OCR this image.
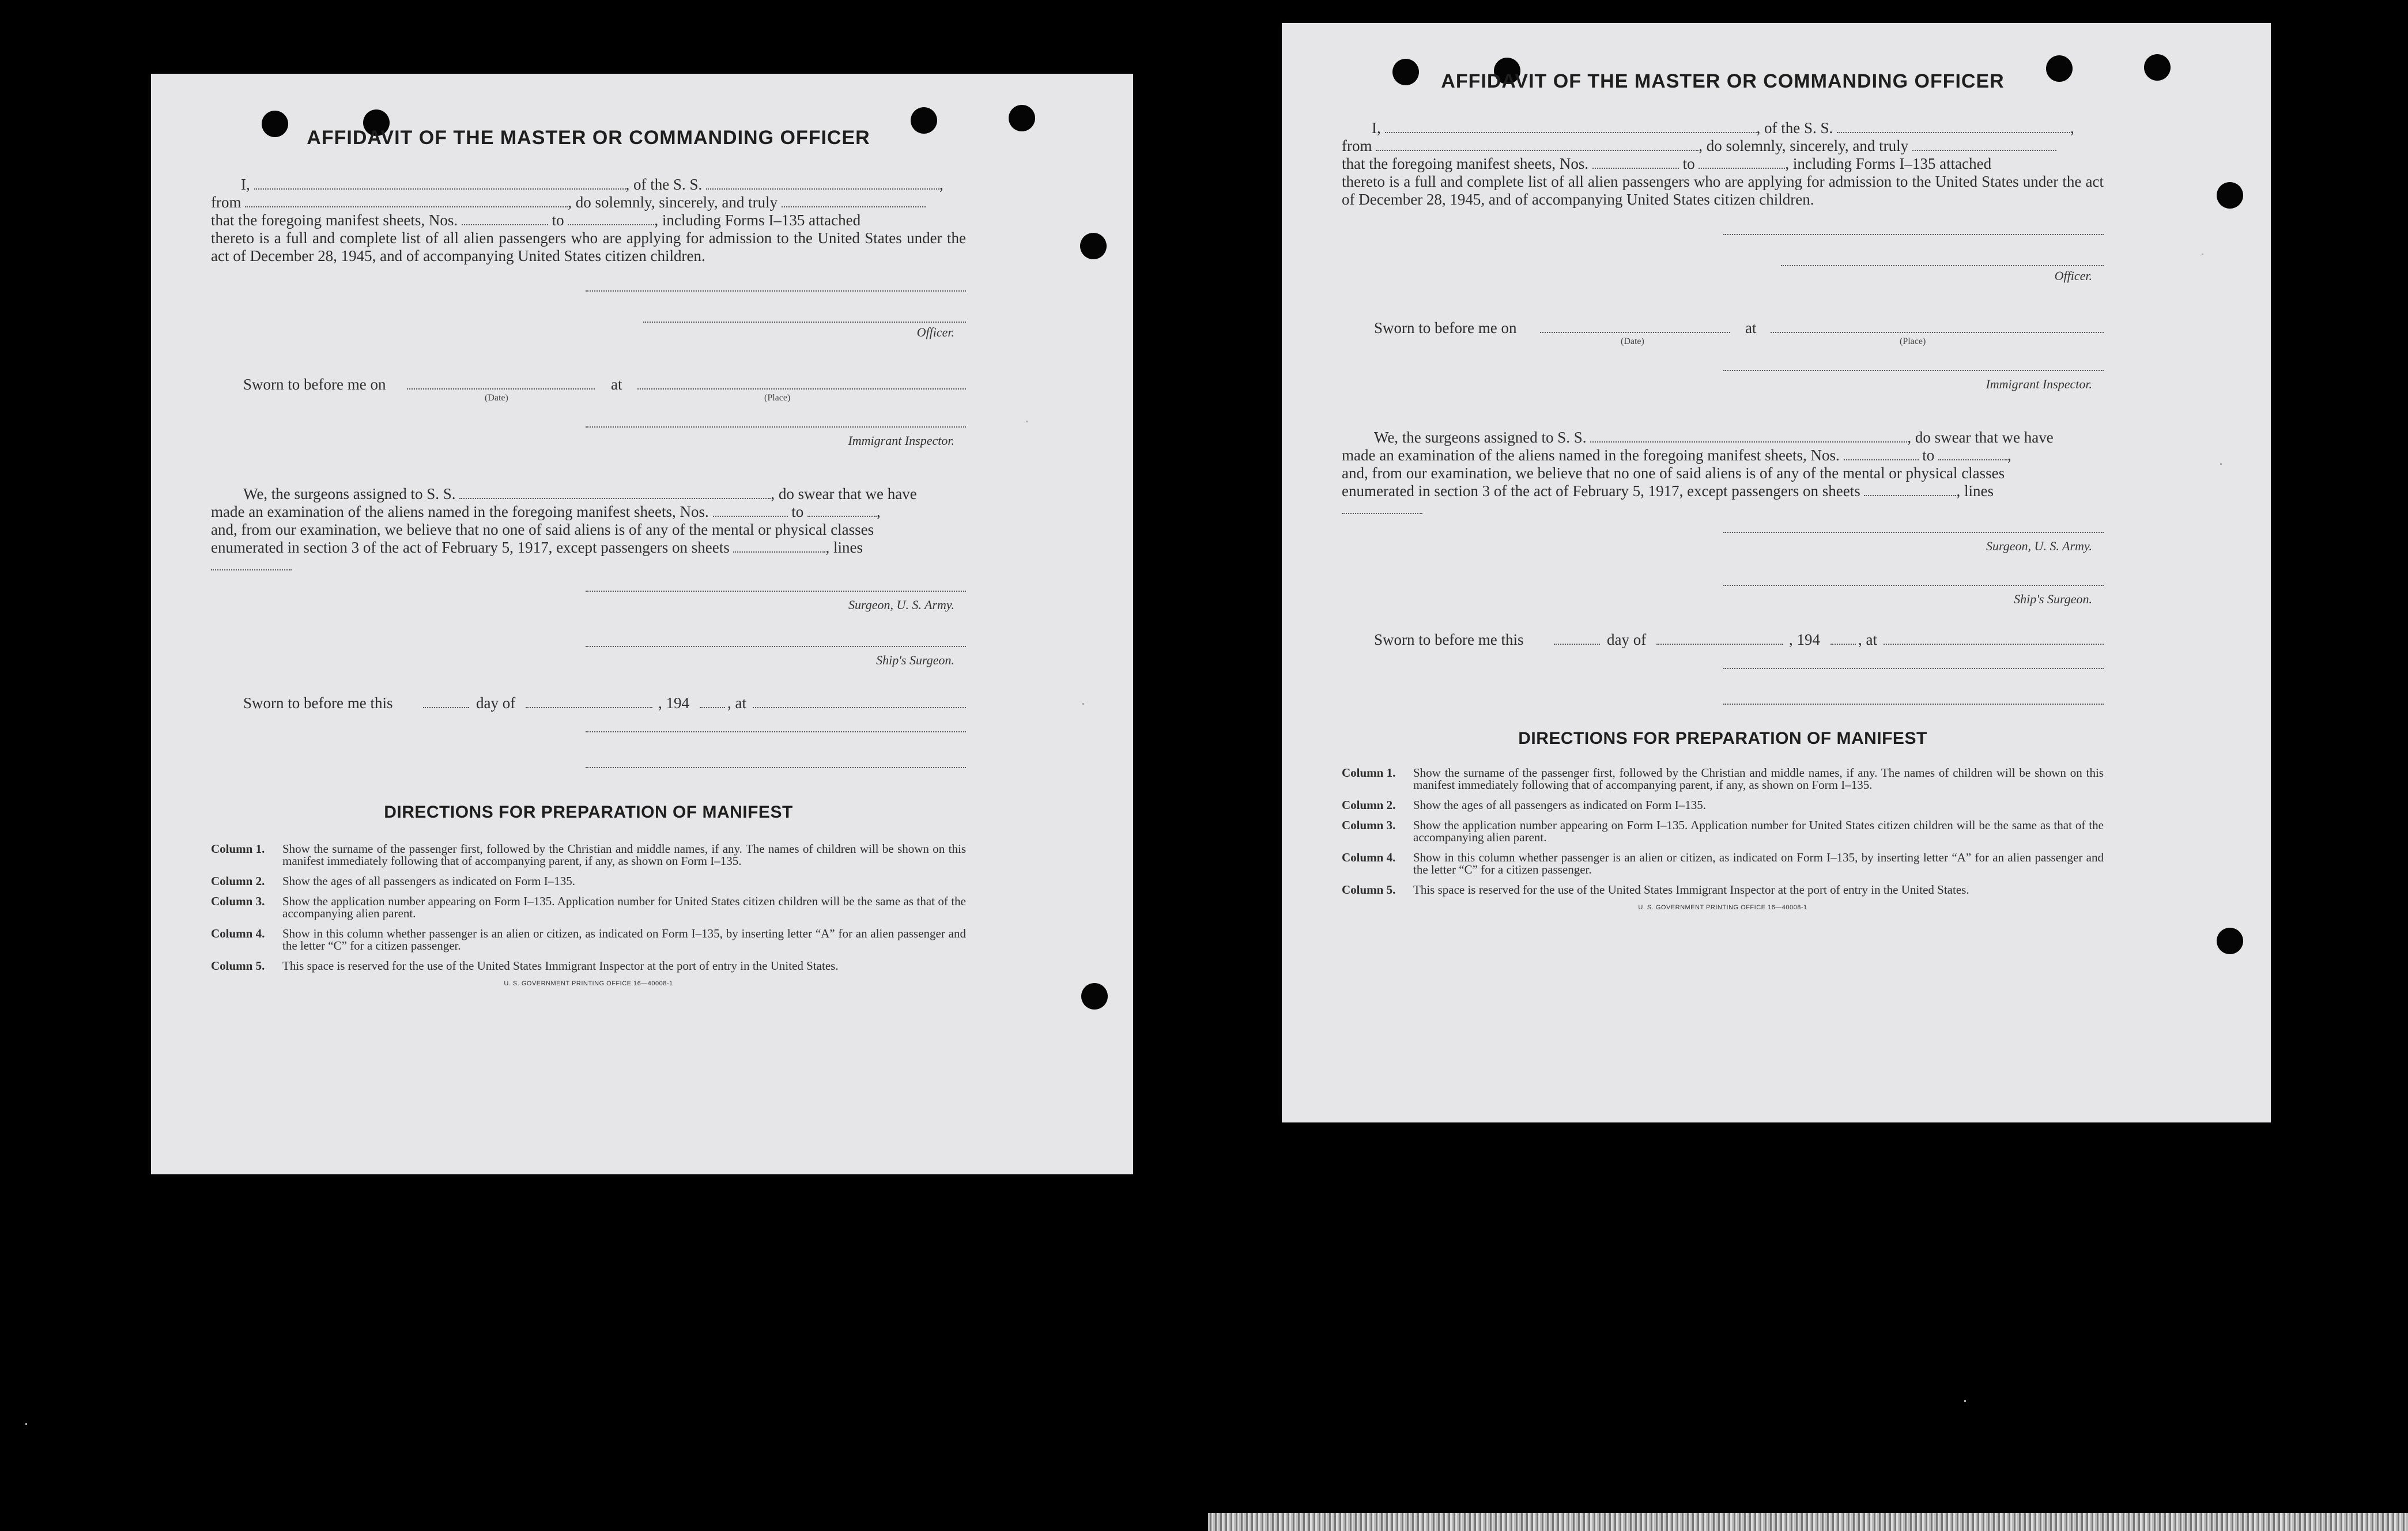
AFFIDAVIT OF THE MASTER OR COMMANDING OFFICER

I,	, of the S. S.	,
from	, do solemnly, sincerely, and truly
that the foregoing manifest sheets, Nos.	to	, including Forms I–135 attached
thereto is a full and complete list of all alien passengers who are applying for admission to the United States under the act of December 28, 1945, and of accompanying United States citizen children.

Officer.
Sworn to before me on
(Date)
at
(Place)
Immigrant Inspector.

We, the surgeons assigned to S. S.	, do swear that we have
made an examination of the aliens named in the foregoing manifest sheets, Nos.	to	,
and, from our examination, we believe that no one of said aliens is of any of the mental or physical classes
enumerated in section 3 of the act of February 5, 1917, except passengers on sheets	, lines

Surgeon, U. S. Army.
Ship's Surgeon.
Sworn to before me this	day of	, 194 , at
DIRECTIONS FOR PREPARATION OF MANIFEST
Column 1.	Show the surname of the passenger first, followed by the Christian and middle names, if any. The names of children will be shown on this manifest immediately following that of accompanying parent, if any, as shown on Form I–135.
Column 2.	Show the ages of all passengers as indicated on Form I–135.
Column 3.	Show the application number appearing on Form I–135. Application number for United States citizen children will be the same as that of the accompanying alien parent.
Column 4.	Show in this column whether passenger is an alien or citizen, as indicated on Form I–135, by inserting letter “A” for an alien passenger and the letter “C” for a citizen passenger.
Column 5.	This space is reserved for the use of the United States Immigrant Inspector at the port of entry in the United States.
U. S. GOVERNMENT PRINTING OFFICE 16—40008-1
AFFIDAVIT OF THE MASTER OR COMMANDING OFFICER

I,	, of the S. S.	,
from	, do solemnly, sincerely, and truly
that the foregoing manifest sheets, Nos.	to	, including Forms I–135 attached
thereto is a full and complete list of all alien passengers who are applying for admission to the United States under the act of December 28, 1945, and of accompanying United States citizen children.

Officer.
Sworn to before me on
(Date)
at
(Place)
Immigrant Inspector.

We, the surgeons assigned to S. S.	, do swear that we have
made an examination of the aliens named in the foregoing manifest sheets, Nos.	to	,
and, from our examination, we believe that no one of said aliens is of any of the mental or physical classes
enumerated in section 3 of the act of February 5, 1917, except passengers on sheets	, lines

Surgeon, U. S. Army.
Ship's Surgeon.
Sworn to before me this	day of	, 194 , at
DIRECTIONS FOR PREPARATION OF MANIFEST
Column 1.	Show the surname of the passenger first, followed by the Christian and middle names, if any. The names of children will be shown on this manifest immediately following that of accompanying parent, if any, as shown on Form I–135.
Column 2.	Show the ages of all passengers as indicated on Form I–135.
Column 3.	Show the application number appearing on Form I–135. Application number for United States citizen children will be the same as that of the accompanying alien parent.
Column 4.	Show in this column whether passenger is an alien or citizen, as indicated on Form I–135, by inserting letter “A” for an alien passenger and the letter “C” for a citizen passenger.
Column 5.	This space is reserved for the use of the United States Immigrant Inspector at the port of entry in the United States.
U. S. GOVERNMENT PRINTING OFFICE 16—40008-1
